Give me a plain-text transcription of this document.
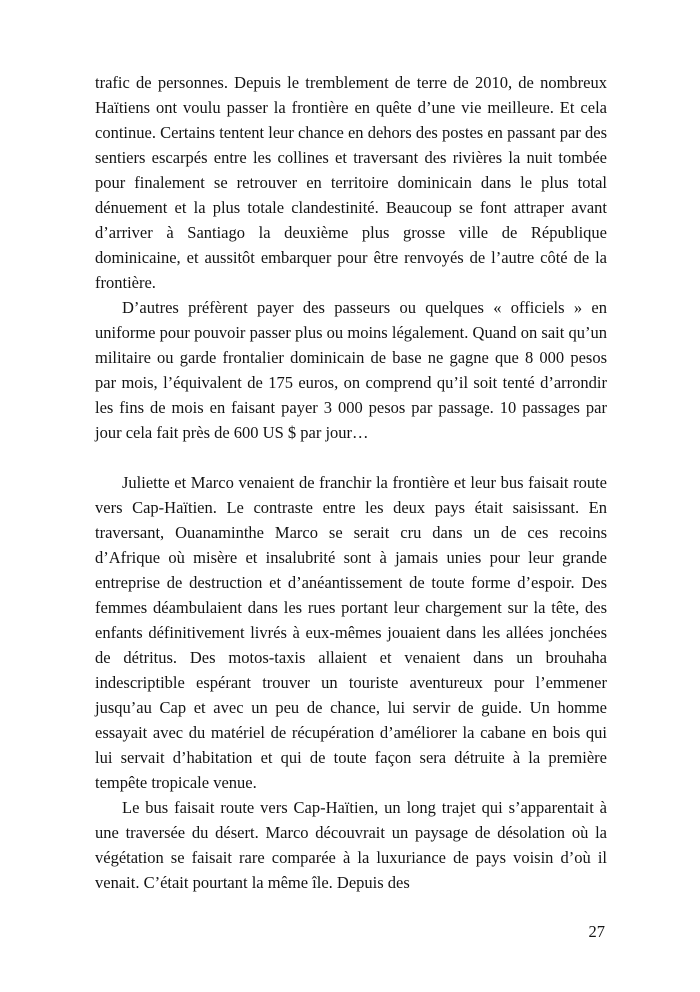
trafic de personnes. Depuis le tremblement de terre de 2010, de nombreux Haïtiens ont voulu passer la frontière en quête d’une vie meilleure. Et cela continue. Certains tentent leur chance en dehors des postes en passant par des sentiers escarpés entre les collines et traversant des rivières la nuit tombée pour finalement se retrouver en territoire dominicain dans le plus total dénuement et la plus totale clandestinité. Beaucoup se font attraper avant d’arriver à Santiago la deuxième plus grosse ville de République dominicaine, et aussitôt embarquer pour être renvoyés de l’autre côté de la frontière.

D’autres préfèrent payer des passeurs ou quelques « officiels » en uniforme pour pouvoir passer plus ou moins légalement. Quand on sait qu’un militaire ou garde frontalier dominicain de base ne gagne que 8 000 pesos par mois, l’équivalent de 175 euros, on comprend qu’il soit tenté d’arrondir les fins de mois en faisant payer 3 000 pesos par passage. 10 passages par jour cela fait près de 600 US $ par jour…

Juliette et Marco venaient de franchir la frontière et leur bus faisait route vers Cap-Haïtien. Le contraste entre les deux pays était saisissant. En traversant, Ouanaminthe Marco se serait cru dans un de ces recoins d’Afrique où misère et insalubrité sont à jamais unies pour leur grande entreprise de destruction et d’anéantissement de toute forme d’espoir. Des femmes déambulaient dans les rues portant leur chargement sur la tête, des enfants définitivement livrés à eux-mêmes jouaient dans les allées jonchées de détritus. Des motos-taxis allaient et venaient dans un brouhaha indescriptible espérant trouver un touriste aventureux pour l’emmener jusqu’au Cap et avec un peu de chance, lui servir de guide. Un homme essayait avec du matériel de récupération d’améliorer la cabane en bois qui lui servait d’habitation et qui de toute façon sera détruite à la première tempête tropicale venue.

Le bus faisait route vers Cap-Haïtien, un long trajet qui s’apparentait à une traversée du désert. Marco découvrait un paysage de désolation où la végétation se faisait rare comparée à la luxuriance de pays voisin d’où il venait. C’était pourtant la même île. Depuis des

27
